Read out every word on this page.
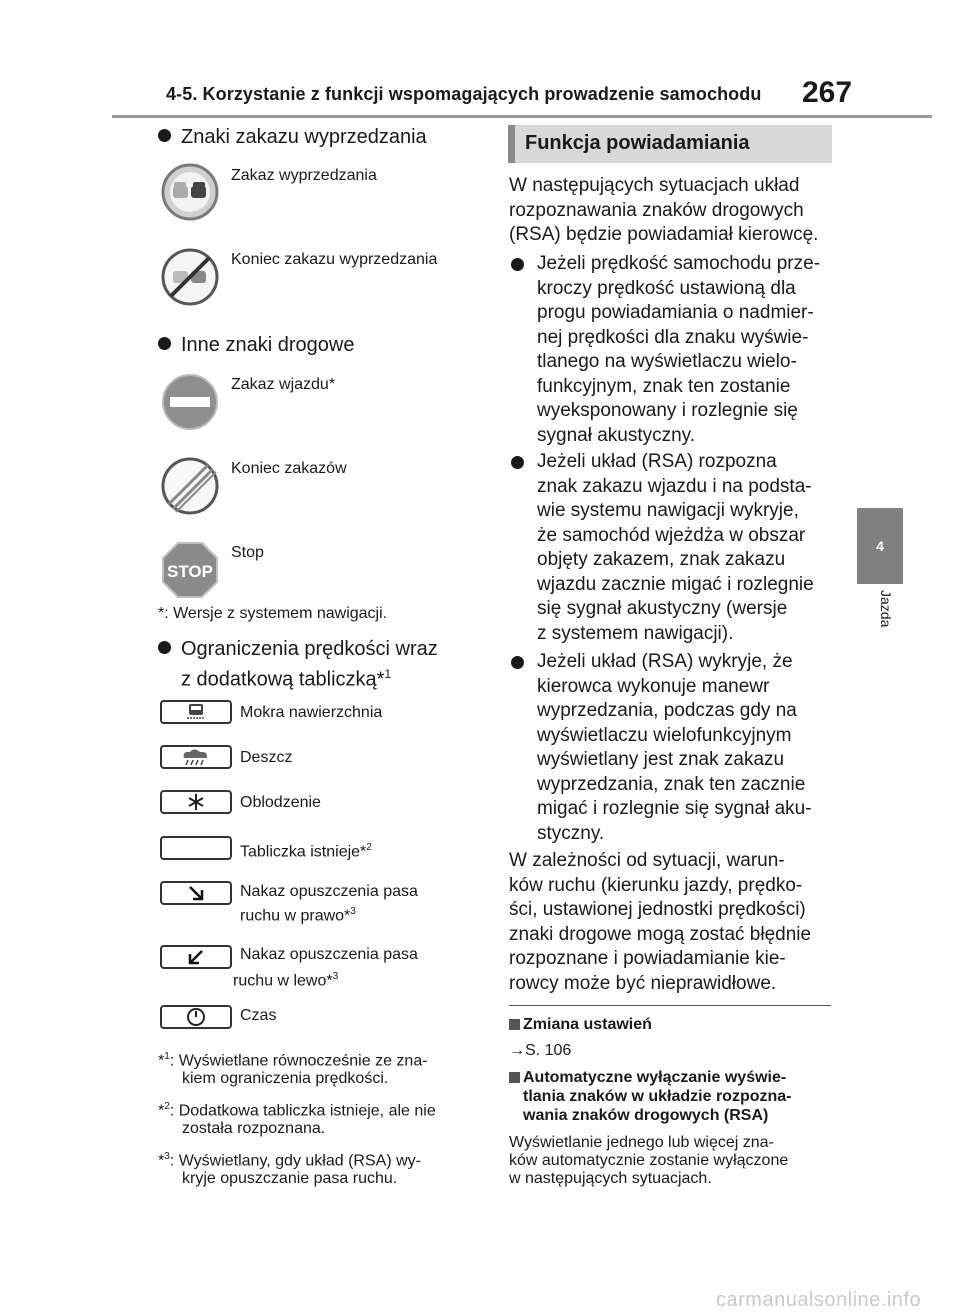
4-5. Korzystanie z funkcji wspomagających prowadzenie samochodu 267
4
Jazda
Znaki zakazu wyprzedzania
Zakaz wyprzedzania
Koniec zakazu wyprzedzania
Inne znaki drogowe
Zakaz wjazdu*
Koniec zakazów
STOP
Stop
*: Wersje z systemem nawigacji.
Ograniczenia prędkości wraz
z dodatkową tabliczką*$^1$
Mokra nawierzchnia
Deszcz
Oblodzenie
Tabliczka istnieje*$^2$
Nakaz opuszczenia pasa
ruchu w prawo*$^3$
Nakaz opuszczenia pasa
ruchu w lewo*$^3$
Czas
*$^1$: Wyświetlane równocześnie ze zna-
kiem ograniczenia prędkości.
*$^2$: Dodatkowa tabliczka istnieje, ale nie
została rozpoznana.
*$^3$: Wyświetlany, gdy układ (RSA) wy-
kryje opuszczanie pasa ruchu.
Funkcja powiadamiania
W następujących sytuacjach układ
rozpoznawania znaków drogowych
(RSA) będzie powiadamiał kierowcę.
Jeżeli prędkość samochodu prze-
kroczy prędkość ustawioną dla
progu powiadamiania o nadmier-
nej prędkości dla znaku wyświe-
tlanego na wyświetlaczu wielo-
funkcyjnym, znak ten zostanie
wyeksponowany i rozlegnie się
sygnał akustyczny.
Jeżeli układ (RSA) rozpozna
znak zakazu wjazdu i na podsta-
wie systemu nawigacji wykryje,
że samochód wjeżdża w obszar
objęty zakazem, znak zakazu
wjazdu zacznie migać i rozlegnie
się sygnał akustyczny (wersje
z systemem nawigacji).
Jeżeli układ (RSA) wykryje, że
kierowca wykonuje manewr
wyprzedzania, podczas gdy na
wyświetlaczu wielofunkcyjnym
wyświetlany jest znak zakazu
wyprzedzania, znak ten zacznie
migać i rozlegnie się sygnał aku-
styczny.
W zależności od sytuacji, warun-
ków ruchu (kierunku jazdy, prędko-
ści, ustawionej jednostki prędkości)
znaki drogowe mogą zostać błędnie
rozpoznane i powiadamianie kie-
rowcy może być nieprawidłowe.
Zmiana ustawień
→S. 106
Automatyczne wyłączanie wyświe-
tlania znaków w układzie rozpozna-
wania znaków drogowych (RSA)
Wyświetlanie jednego lub więcej zna-
ków automatycznie zostanie wyłączone
w następujących sytuacjach.
carmanualsonline.info
